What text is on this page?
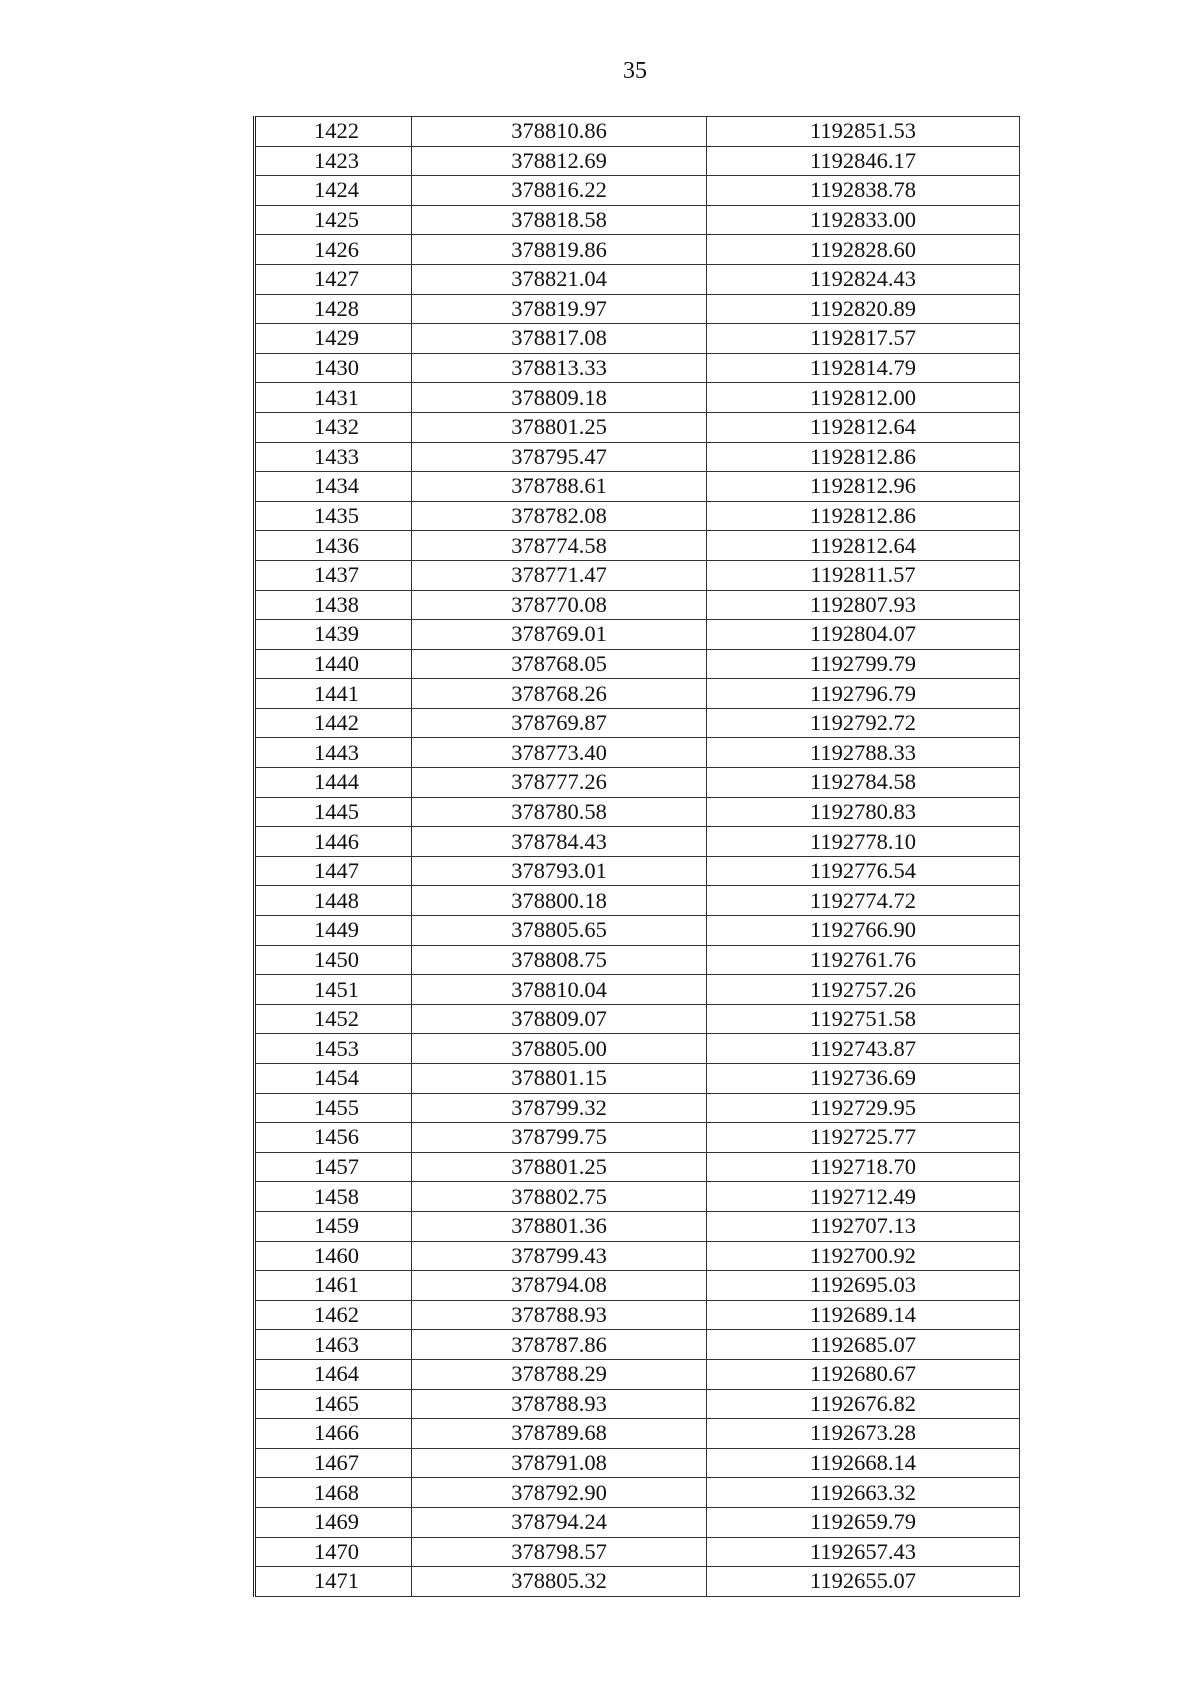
35
1422	378810.86	1192851.53
1423	378812.69	1192846.17
1424	378816.22	1192838.78
1425	378818.58	1192833.00
1426	378819.86	1192828.60
1427	378821.04	1192824.43
1428	378819.97	1192820.89
1429	378817.08	1192817.57
1430	378813.33	1192814.79
1431	378809.18	1192812.00
1432	378801.25	1192812.64
1433	378795.47	1192812.86
1434	378788.61	1192812.96
1435	378782.08	1192812.86
1436	378774.58	1192812.64
1437	378771.47	1192811.57
1438	378770.08	1192807.93
1439	378769.01	1192804.07
1440	378768.05	1192799.79
1441	378768.26	1192796.79
1442	378769.87	1192792.72
1443	378773.40	1192788.33
1444	378777.26	1192784.58
1445	378780.58	1192780.83
1446	378784.43	1192778.10
1447	378793.01	1192776.54
1448	378800.18	1192774.72
1449	378805.65	1192766.90
1450	378808.75	1192761.76
1451	378810.04	1192757.26
1452	378809.07	1192751.58
1453	378805.00	1192743.87
1454	378801.15	1192736.69
1455	378799.32	1192729.95
1456	378799.75	1192725.77
1457	378801.25	1192718.70
1458	378802.75	1192712.49
1459	378801.36	1192707.13
1460	378799.43	1192700.92
1461	378794.08	1192695.03
1462	378788.93	1192689.14
1463	378787.86	1192685.07
1464	378788.29	1192680.67
1465	378788.93	1192676.82
1466	378789.68	1192673.28
1467	378791.08	1192668.14
1468	378792.90	1192663.32
1469	378794.24	1192659.79
1470	378798.57	1192657.43
1471	378805.32	1192655.07
